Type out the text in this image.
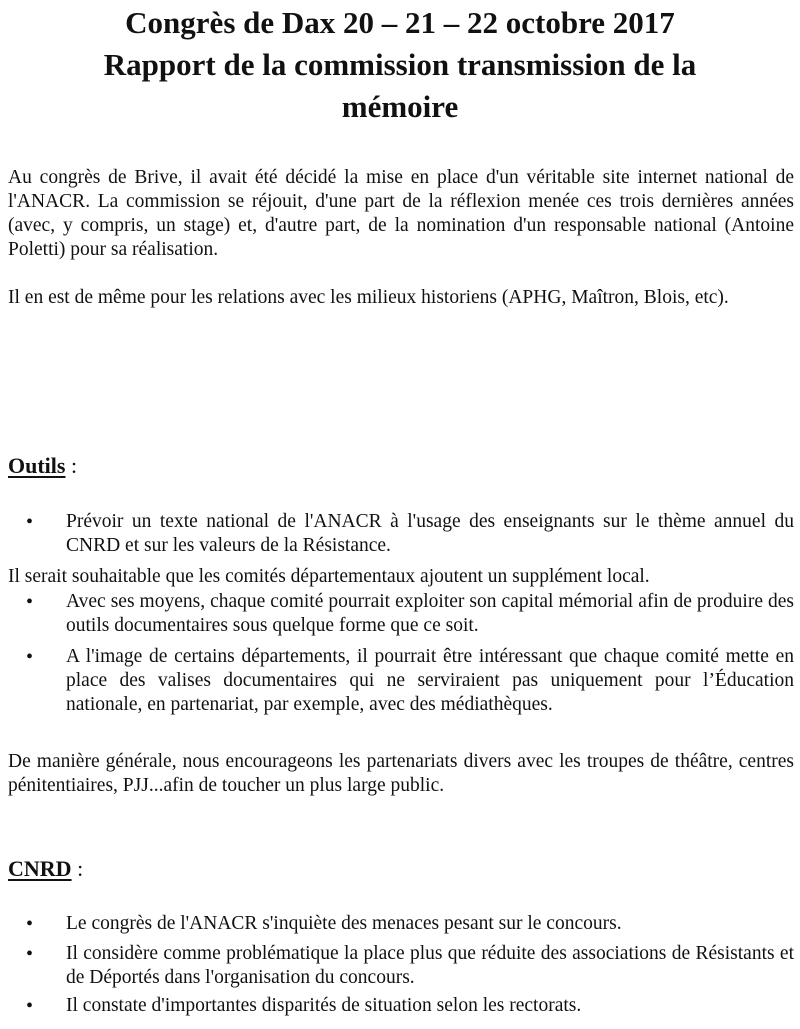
Congrès de Dax 20 – 21 – 22 octobre 2017
Rapport de la commission transmission de la
mémoire

Au congrès de Brive, il avait été décidé la mise en place d'un véritable site internet national de l'ANACR. La commission se réjouit, d'une part de la réflexion menée ces trois dernières années (avec, y compris, un stage) et, d'autre part, de la nomination d'un responsable national (Antoine Poletti) pour sa réalisation.

Il en est de même pour les relations avec les milieux historiens (APHG, Maîtron, Blois, etc).

Outils :
•	Prévoir un texte national de l'ANACR à l'usage des enseignants sur le thème annuel du CNRD et sur les valeurs de la Résistance.

Il serait souhaitable que les comités départementaux ajoutent un supplément local.

•	Avec ses moyens, chaque comité pourrait exploiter son capital mémorial afin de produire des outils documentaires sous quelque forme que ce soit.
•	A l'image de certains départements, il pourrait être intéressant que chaque comité mette en place des valises documentaires qui ne serviraient pas uniquement pour l’Éducation nationale, en partenariat, par exemple, avec des médiathèques.

De manière générale, nous encourageons les partenariats divers avec les troupes de théâtre, centres pénitentiaires, PJJ...afin de toucher un plus large public.

CNRD :
•	Le congrès de l'ANACR s'inquiète des menaces pesant sur le concours.
•	Il considère comme problématique la place plus que réduite des associations de Résistants et de Déportés dans l'organisation du concours.
•	Il constate d'importantes disparités de situation selon les rectorats.
